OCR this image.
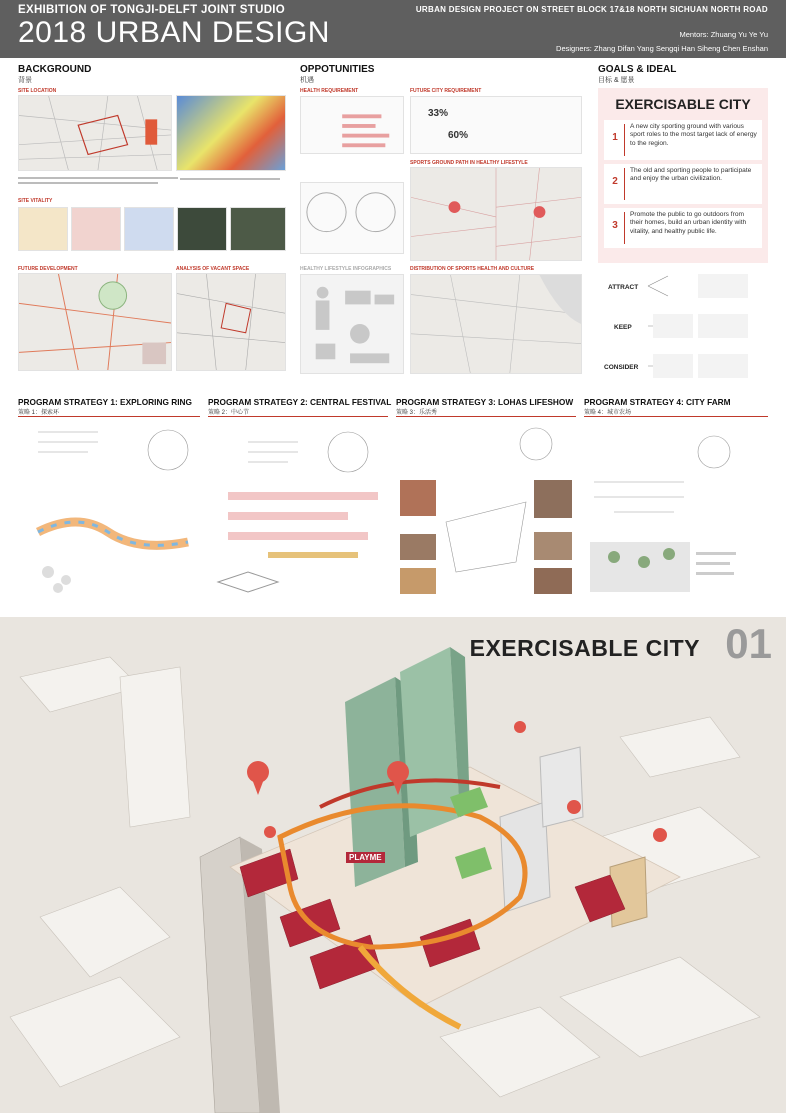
EXHIBITION OF TONGJI-DELFT JOINT STUDIO
2018 URBAN DESIGN
URBAN DESIGN PROJECT ON STREET BLOCK 17&18 NORTH SICHUAN NORTH ROAD
Mentors: Zhuang Yu Ye Yu
Designers: Zhang Difan Yang Sengqi Han Siheng Chen Enshan
BACKGROUND
背景
SITE LOCATION
SITE VITALITY
FUTURE DEVELOPMENT	ANALYSIS OF VACANT SPACE
OPPOTUNITIES
机遇
HEALTH REQUIREMENT	FUTURE CITY REQUIREMENT
33%
60%
SPORTS GROUND PATH IN HEALTHY LIFESTYLE
HEALTHY LIFESTYLE INFOGRAPHICS	DISTRIBUTION OF SPORTS HEALTH AND CULTURE
GOALS & IDEAL
目标 & 愿景
EXERCISABLE CITY
1
A new city sporting ground with various sport roles to the most target lack of energy to the region.
2
The old and sporting people to participate and enjoy the urban civilization.
3
Promote the public to go outdoors from their homes, build an urban identity with vitality, and healthy public life.
ATTRACT
KEEP
CONSIDER
PROGRAM STRATEGY 1: EXPLORING RING
策略 1：探索环
PROGRAM STRATEGY 2: CENTRAL FESTIVAL
策略 2：中心节
PROGRAM STRATEGY 3: LOHAS LIFESHOW
策略 3：乐活秀
PROGRAM STRATEGY 4: CITY FARM
策略 4：城市农场
PLAYME
EXERCISABLE CITY 01
